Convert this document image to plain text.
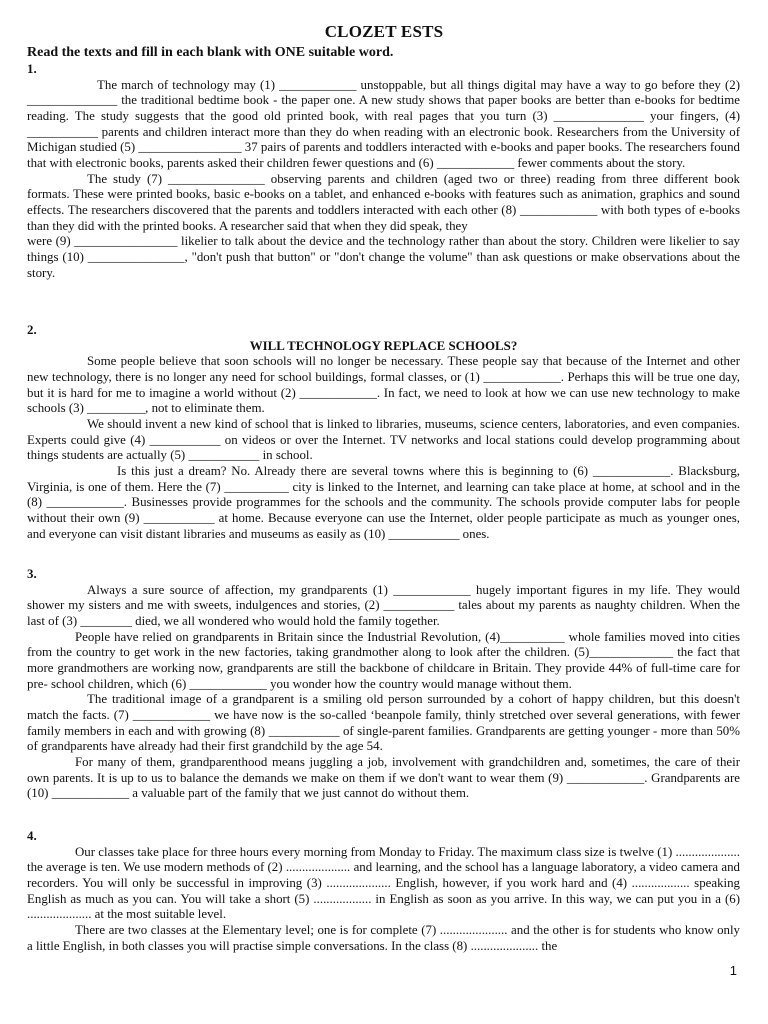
CLOZET ESTS
Read the texts and fill in each blank with ONE suitable word.

1.

The march of technology may (1) ____________ unstoppable, but all things digital may have a way to go before they (2) ______________ the traditional bedtime book - the paper one. A new study shows that paper books are better than e-books for bedtime reading. The study suggests that the good old printed book, with real pages that you turn (3) ______________ your fingers, (4) ___________ parents and children interact more than they do when reading with an electronic book. Researchers from the University of Michigan studied (5) ________________ 37 pairs of parents and toddlers interacted with e-books and paper books. The researchers found that with electronic books, parents asked their children fewer questions and (6) ____________ fewer comments about the story.

The study (7) _______________ observing parents and children (aged two or three) reading from three different book formats. These were printed books, basic e-books on a tablet, and enhanced e-books with features such as animation, graphics and sound effects. The researchers discovered that the parents and toddlers interacted with each other (8) ____________ with both types of e-books than they did with the printed books. A researcher said that when they did speak, they

were (9) ________________ likelier to talk about the device and the technology rather than about the story. Children were likelier to say things (10) _______________, "don't push that button" or "don't change the volume" than ask questions or make observations about the story.

2.

WILL TECHNOLOGY REPLACE SCHOOLS?

Some people believe that soon schools will no longer be necessary. These people say that because of the Internet and other new technology, there is no longer any need for school buildings, formal classes, or (1) ____________. Perhaps this will be true one day, but it is hard for me to imagine a world without (2) ____________. In fact, we need to look at how we can use new technology to make schools (3) _________, not to eliminate them.

We should invent a new kind of school that is linked to libraries, museums, science centers, laboratories, and even companies. Experts could give (4) ___________ on videos or over the Internet. TV networks and local stations could develop programming about things students are actually (5) ___________ in school.

Is this just a dream? No. Already there are several towns where this is beginning to (6) ____________. Blacksburg, Virginia, is one of them. Here the (7) __________ city is linked to the Internet, and learning can take place at home, at school and in the (8) ____________. Businesses provide programmes for the schools and the community. The schools provide computer labs for people without their own (9) ___________ at home. Because everyone can use the Internet, older people participate as much as younger ones, and everyone can visit distant libraries and museums as easily as (10) ___________ ones.

3.

Always a sure source of affection, my grandparents (1) ____________ hugely important figures in my life. They would shower my sisters and me with sweets, indulgences and stories, (2) ___________ tales about my parents as naughty children. When the last of (3) ________ died, we all wondered who would hold the family together.

People have relied on grandparents in Britain since the Industrial Revolution, (4)__________ whole families moved into cities from the country to get work in the new factories, taking grandmother along to look after the children. (5)_____________ the fact that more grandmothers are working now, grandparents are still the backbone of childcare in Britain. They provide 44% of full-time care for pre- school children, which (6) ____________ you wonder how the country would manage without them.

The traditional image of a grandparent is a smiling old person surrounded by a cohort of happy children, but this doesn't match the facts. (7) ____________ we have now is the so-called ‘beanpole family, thinly stretched over several generations, with fewer family members in each and with growing (8) ___________ of single-parent families. Grandparents are getting younger - more than 50% of grandparents have already had their first grandchild by the age 54.

For many of them, grandparenthood means juggling a job, involvement with grandchildren and, sometimes, the care of their own parents. It is up to us to balance the demands we make on them if we don't want to wear them (9) ____________. Grandparents are (10) ____________ a valuable part of the family that we just cannot do without them.

4.

Our classes take place for three hours every morning from Monday to Friday. The maximum class size is twelve (1) .................... the average is ten. We use modern methods of (2) .................... and learning, and the school has a language laboratory, a video camera and recorders. You will only be successful in improving (3) .................... English, however, if you work hard and (4) .................. speaking English as much as you can. You will take a short (5) .................. in English as soon as you arrive. In this way, we can put you in a (6) .................... at the most suitable level.

There are two classes at the Elementary level; one is for complete (7) ..................... and the other is for students who know only a little English, in both classes you will practise simple conversations. In the class (8) ..................... the

1
